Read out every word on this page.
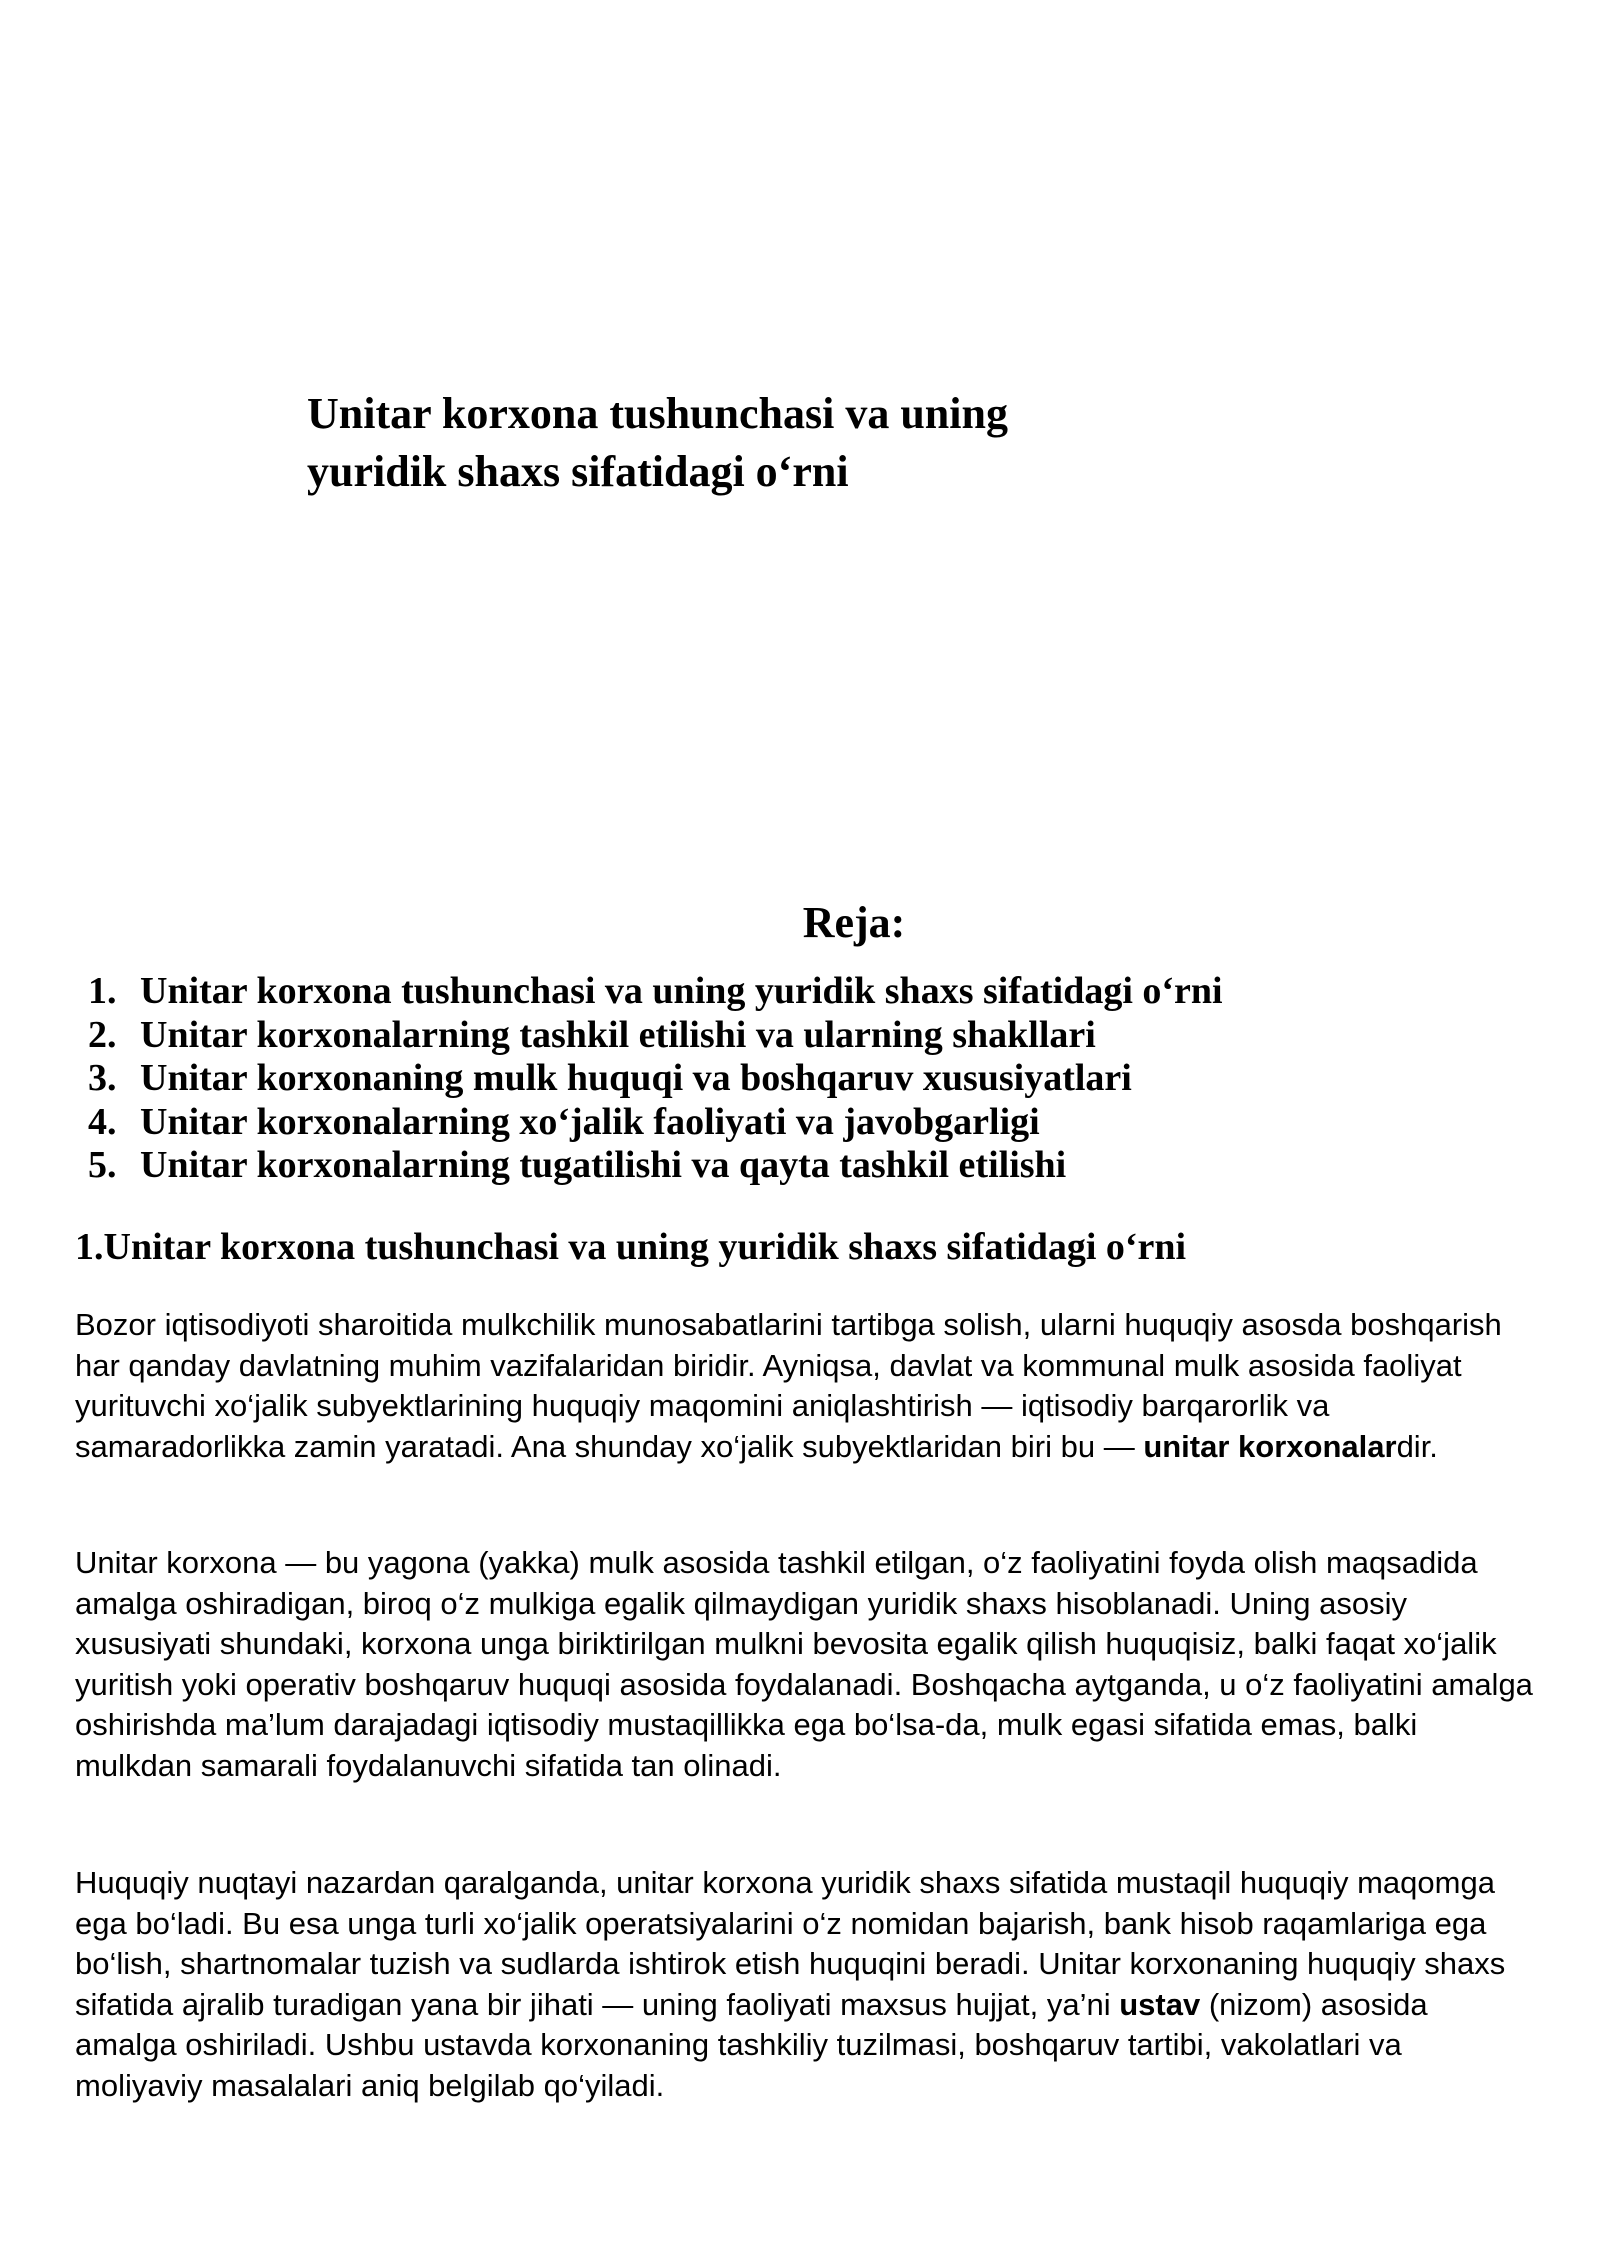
Unitar korxona tushunchasi va uning
yuridik shaxs sifatidagi o‘rni
Reja:
1. Unitar korxona tushunchasi va uning yuridik shaxs sifatidagi o‘rni
2. Unitar korxonalarning tashkil etilishi va ularning shakllari
3. Unitar korxonaning mulk huquqi va boshqaruv xususiyatlari
4. Unitar korxonalarning xo‘jalik faoliyati va javobgarligi
5. Unitar korxonalarning tugatilishi va qayta tashkil etilishi
1.Unitar korxona tushunchasi va uning yuridik shaxs sifatidagi o‘rni

Bozor iqtisodiyoti sharoitida mulkchilik munosabatlarini tartibga solish, ularni huquqiy asosda boshqarish har qanday davlatning muhim vazifalaridan biridir. Ayniqsa, davlat va kommunal mulk asosida faoliyat yurituvchi xo‘jalik subyektlarining huquqiy maqomini aniqlashtirish — iqtisodiy barqarorlik va samaradorlikka zamin yaratadi. Ana shunday xo‘jalik subyektlaridan biri bu — unitar korxonalardir.

Unitar korxona — bu yagona (yakka) mulk asosida tashkil etilgan, o‘z faoliyatini foyda olish maqsadida amalga oshiradigan, biroq o‘z mulkiga egalik qilmaydigan yuridik shaxs hisoblanadi. Uning asosiy xususiyati shundaki, korxona unga biriktirilgan mulkni bevosita egalik qilish huquqisiz, balki faqat xo‘jalik yuritish yoki operativ boshqaruv huquqi asosida foydalanadi. Boshqacha aytganda, u o‘z faoliyatini amalga oshirishda ma’lum darajadagi iqtisodiy mustaqillikka ega bo‘lsa-da, mulk egasi sifatida emas, balki mulkdan samarali foydalanuvchi sifatida tan olinadi.

Huquqiy nuqtayi nazardan qaralganda, unitar korxona yuridik shaxs sifatida mustaqil huquqiy maqomga ega bo‘ladi. Bu esa unga turli xo‘jalik operatsiyalarini o‘z nomidan bajarish, bank hisob raqamlariga ega bo‘lish, shartnomalar tuzish va sudlarda ishtirok etish huquqini beradi. Unitar korxonaning huquqiy shaxs sifatida ajralib turadigan yana bir jihati — uning faoliyati maxsus hujjat, ya’ni ustav (nizom) asosida amalga oshiriladi. Ushbu ustavda korxonaning tashkiliy tuzilmasi, boshqaruv tartibi, vakolatlari va moliyaviy masalalari aniq belgilab qo‘yiladi.
